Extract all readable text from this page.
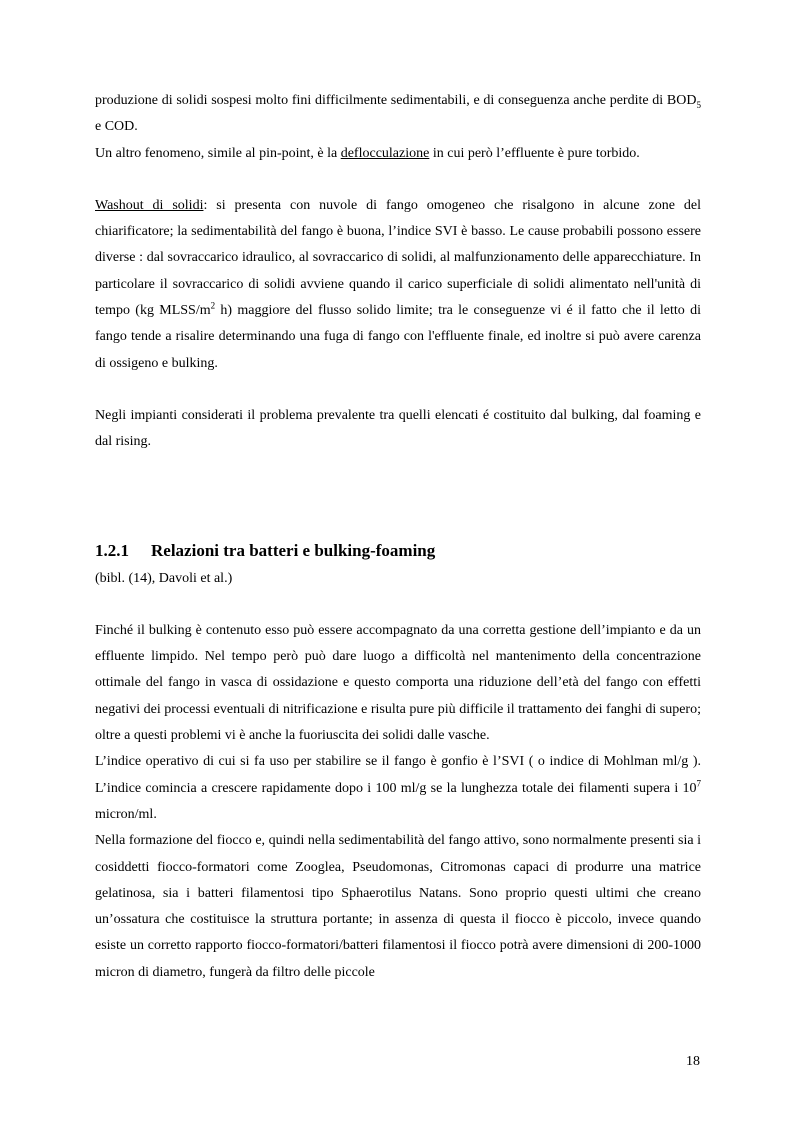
produzione di solidi sospesi molto fini difficilmente sedimentabili, e di conseguenza anche perdite di $BOD_5$ e COD.

Un altro fenomeno, simile al pin-point, è la deflocculazione in cui però l’effluente è pure torbido.

Washout di solidi: si presenta con nuvole di fango omogeneo che risalgono in alcune zone del chiarificatore; la sedimentabilità del fango è buona, l’indice SVI è basso. Le cause probabili possono essere diverse : dal sovraccarico idraulico, al sovraccarico di solidi, al malfunzionamento delle apparecchiature. In particolare il sovraccarico di solidi avviene quando il carico superficiale di solidi alimentato nell'unità di tempo (kg MLSS/$m^2$ h) maggiore del flusso solido limite; tra le conseguenze vi é il fatto che il letto di fango tende a risalire determinando una fuga di fango con l'effluente finale, ed inoltre si può avere carenza di ossigeno e bulking.

Negli impianti considerati il problema prevalente tra quelli elencati é costituito dal bulking, dal foaming e dal rising.

1.2.1 Relazioni tra batteri e bulking-foaming

(bibl. (14), Davoli et al.)

Finché il bulking è contenuto esso può essere accompagnato da una corretta gestione dell’impianto e da un effluente limpido. Nel tempo però può dare luogo a difficoltà nel mantenimento della concentrazione ottimale del fango in vasca di ossidazione e questo comporta una riduzione dell’età del fango con effetti negativi dei processi eventuali di nitrificazione e risulta pure più difficile il trattamento dei fanghi di supero; oltre a questi problemi vi è anche la fuoriuscita dei solidi dalle vasche.

L’indice operativo di cui si fa uso per stabilire se il fango è gonfio è l’SVI ( o indice di Mohlman ml/g ). L’indice comincia a crescere rapidamente dopo i 100 ml/g se la lunghezza totale dei filamenti supera i $10^7$ micron/ml.

Nella formazione del fiocco e, quindi nella sedimentabilità del fango attivo, sono normalmente presenti sia i cosiddetti fiocco-formatori come Zooglea, Pseudomonas, Citromonas capaci di produrre una matrice gelatinosa, sia i batteri filamentosi tipo Sphaerotilus Natans. Sono proprio questi ultimi che creano un’ossatura che costituisce la struttura portante; in assenza di questa il fiocco è piccolo, invece quando esiste un corretto rapporto fiocco-formatori/batteri filamentosi il fiocco potrà avere dimensioni di 200-1000 micron di diametro, fungerà da filtro delle piccole

18
